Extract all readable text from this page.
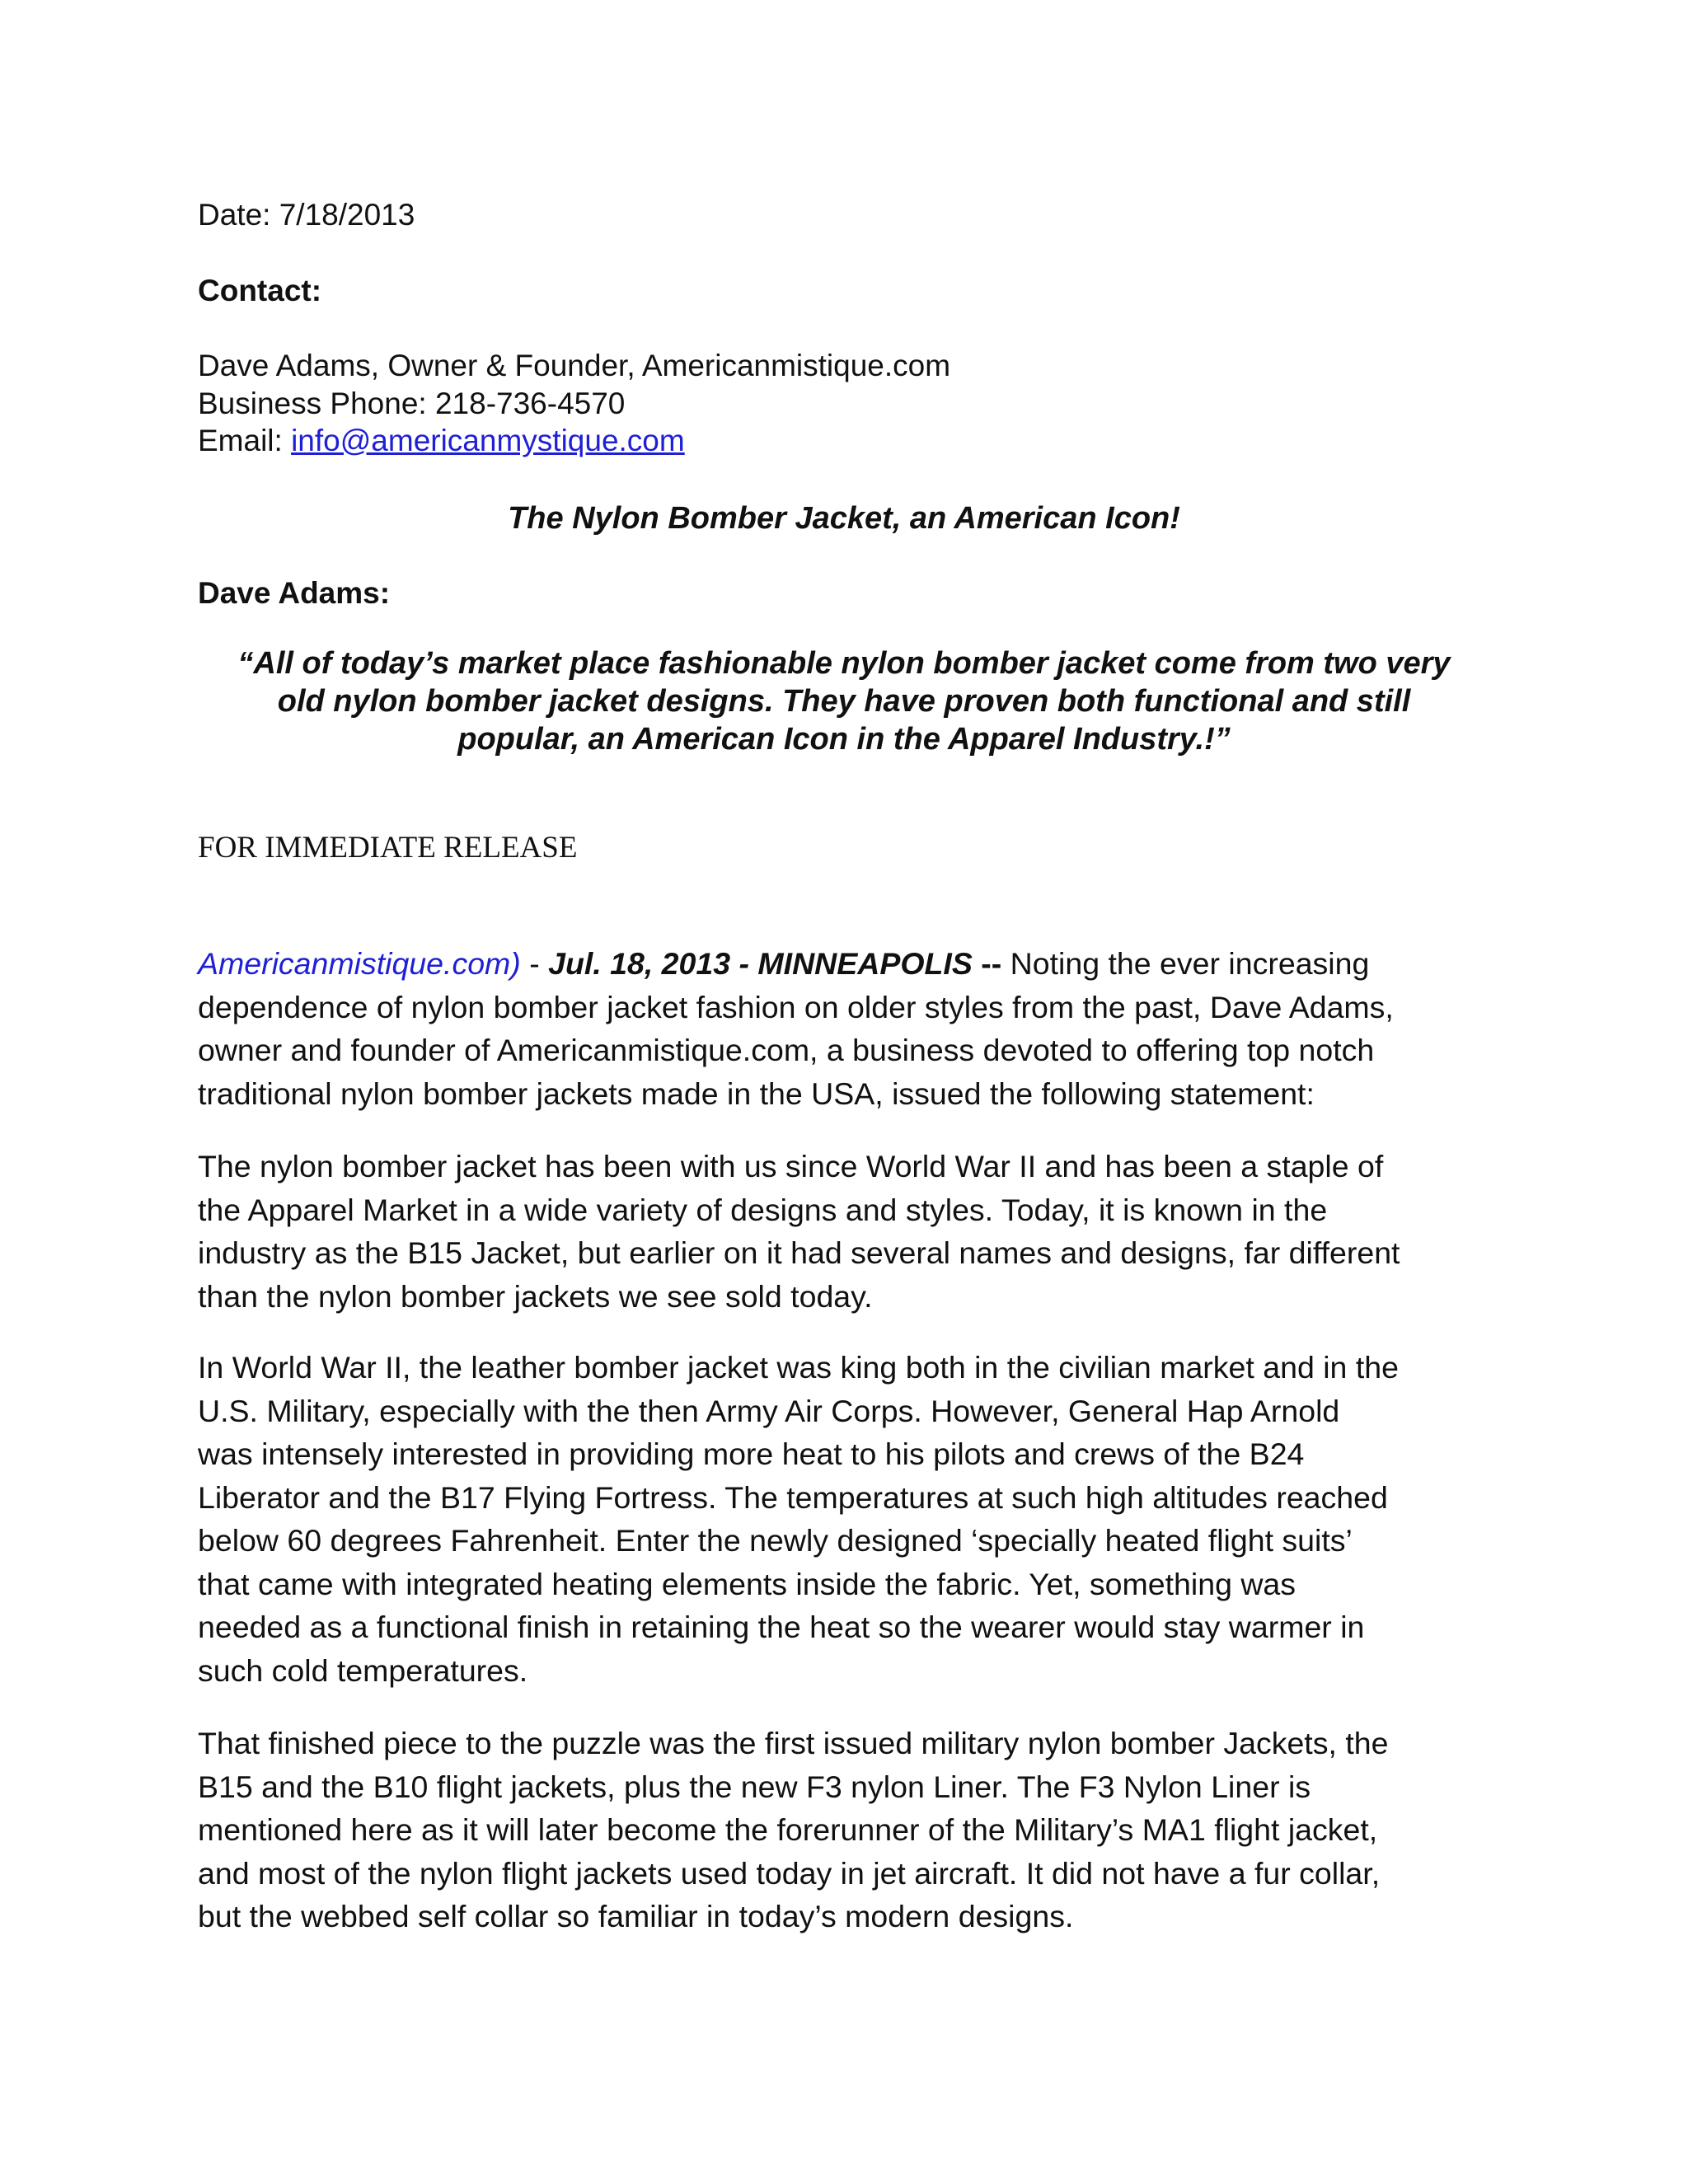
Date: 7/18/2013
Contact:
Dave Adams, Owner & Founder, Americanmistique.com
Business Phone: 218-736-4570
Email: info@americanmystique.com
The Nylon Bomber Jacket, an American Icon!
Dave Adams:
“All of today’s market place fashionable nylon bomber jacket come from two very
old nylon bomber jacket designs. They have proven both functional and still
popular, an American Icon in the Apparel Industry.!”
FOR IMMEDIATE RELEASE
Americanmistique.com) - Jul. 18, 2013 - MINNEAPOLIS -- Noting the ever increasing
dependence of nylon bomber jacket fashion on older styles from the past, Dave Adams,
owner and founder of Americanmistique.com, a business devoted to offering top notch
traditional nylon bomber jackets made in the USA, issued the following statement:
The nylon bomber jacket has been with us since World War II and has been a staple of
the Apparel Market in a wide variety of designs and styles. Today, it is known in the
industry as the B15 Jacket, but earlier on it had several names and designs, far different
than the nylon bomber jackets we see sold today.
In World War II, the leather bomber jacket was king both in the civilian market and in the
U.S. Military, especially with the then Army Air Corps. However, General Hap Arnold
was intensely interested in providing more heat to his pilots and crews of the B24
Liberator and the B17 Flying Fortress. The temperatures at such high altitudes reached
below 60 degrees Fahrenheit. Enter the newly designed ‘specially heated flight suits’
that came with integrated heating elements inside the fabric. Yet, something was
needed as a functional finish in retaining the heat so the wearer would stay warmer in
such cold temperatures.
That finished piece to the puzzle was the first issued military nylon bomber Jackets, the
B15 and the B10 flight jackets, plus the new F3 nylon Liner. The F3 Nylon Liner is
mentioned here as it will later become the forerunner of the Military’s MA1 flight jacket,
and most of the nylon flight jackets used today in jet aircraft. It did not have a fur collar,
but the webbed self collar so familiar in today’s modern designs.
